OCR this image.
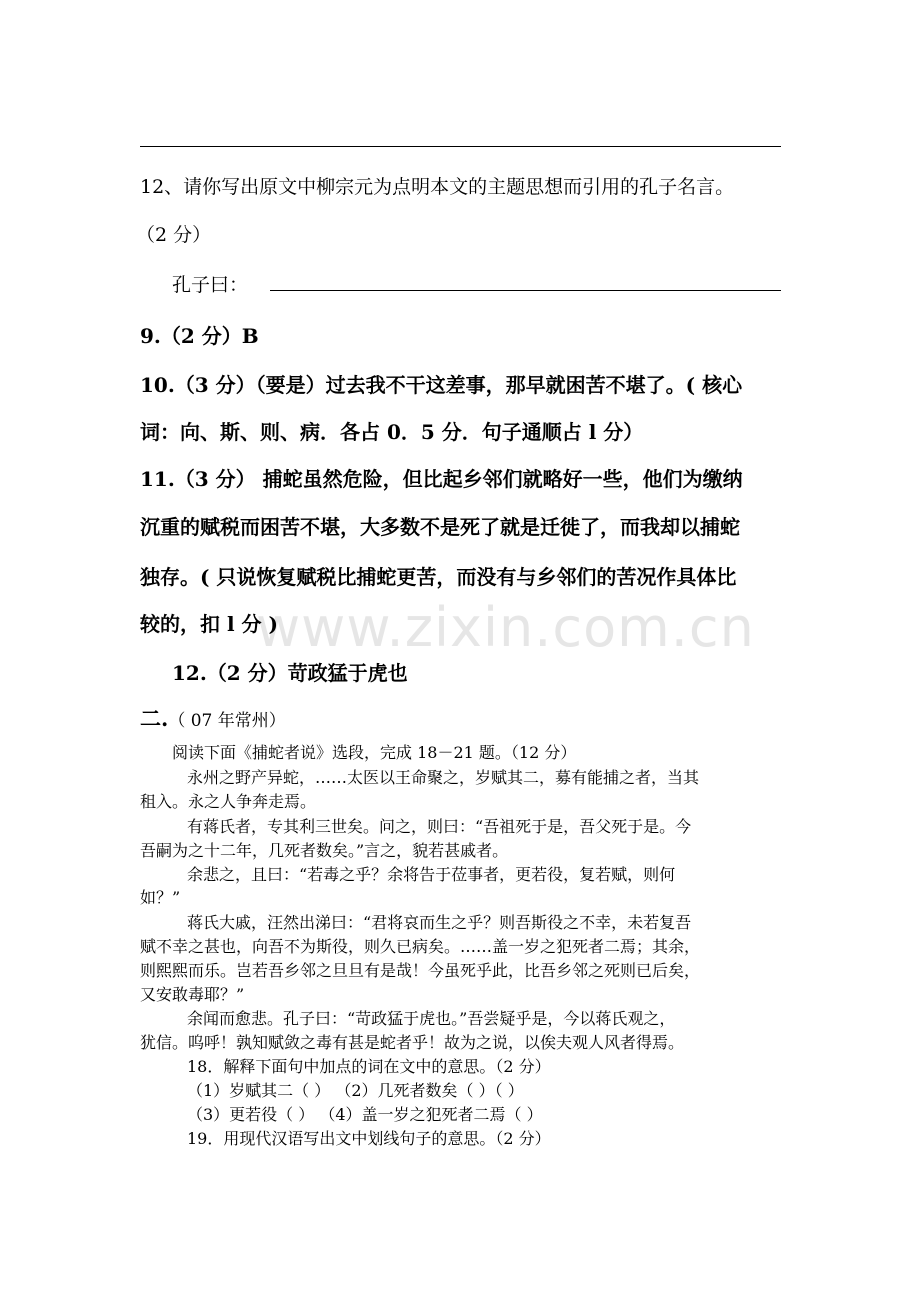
www.zixin.com.cn
12、请你写出原文中柳宗元为点明本文的主题思想而引用的孔子名言。
（2 分）
孔子曰：
9.（2 分）B
10.（3 分）（要是）过去我不干这差事，那早就困苦不堪了。( 核心
词：向、斯、则、病．各占 0．5 分．句子通顺占 l 分）
11.（3 分） 捕蛇虽然危险，但比起乡邻们就略好一些，他们为缴纳
沉重的赋税而困苦不堪，大多数不是死了就是迁徙了，而我却以捕蛇
独存。( 只说恢复赋税比捕蛇更苦，而没有与乡邻们的苦况作具体比
较的，扣 l 分 )
12.（2 分）苛政猛于虎也
二.（ 07 年常州）
阅读下面《捕蛇者说》选段，完成 18－21 题。（12 分）
永州之野产异蛇，……太医以王命聚之，岁赋其二，募有能捕之者，当其
租入。永之人争奔走焉。
有蒋氏者，专其利三世矣。问之，则曰：“吾祖死于是，吾父死于是。今
吾嗣为之十二年，几死者数矣。”言之，貌若甚戚者。
余悲之，且曰：“若毒之乎？余将告于莅事者，更若役，复若赋，则何
如？”
蒋氏大戚，汪然出涕曰：“君将哀而生之乎？则吾斯役之不幸，未若复吾
赋不幸之甚也，向吾不为斯役，则久已病矣。……盖一岁之犯死者二焉；其余，
则熙熙而乐。岂若吾乡邻之旦旦有是哉！今虽死乎此，比吾乡邻之死则已后矣，
又安敢毒耶？”
余闻而愈悲。孔子曰：“苛政猛于虎也。”吾尝疑乎是，今以蒋氏观之，
犹信。呜呼！孰知赋敛之毒有甚是蛇者乎！故为之说，以俟夫观人风者得焉。
18．解释下面句中加点的词在文中的意思。（2 分）
（1）岁赋其二（ ） （2）几死者数矣（ ）（ ）
（3）更若役（ ） （4）盖一岁之犯死者二焉（ ）
19．用现代汉语写出文中划线句子的意思。（2 分）
